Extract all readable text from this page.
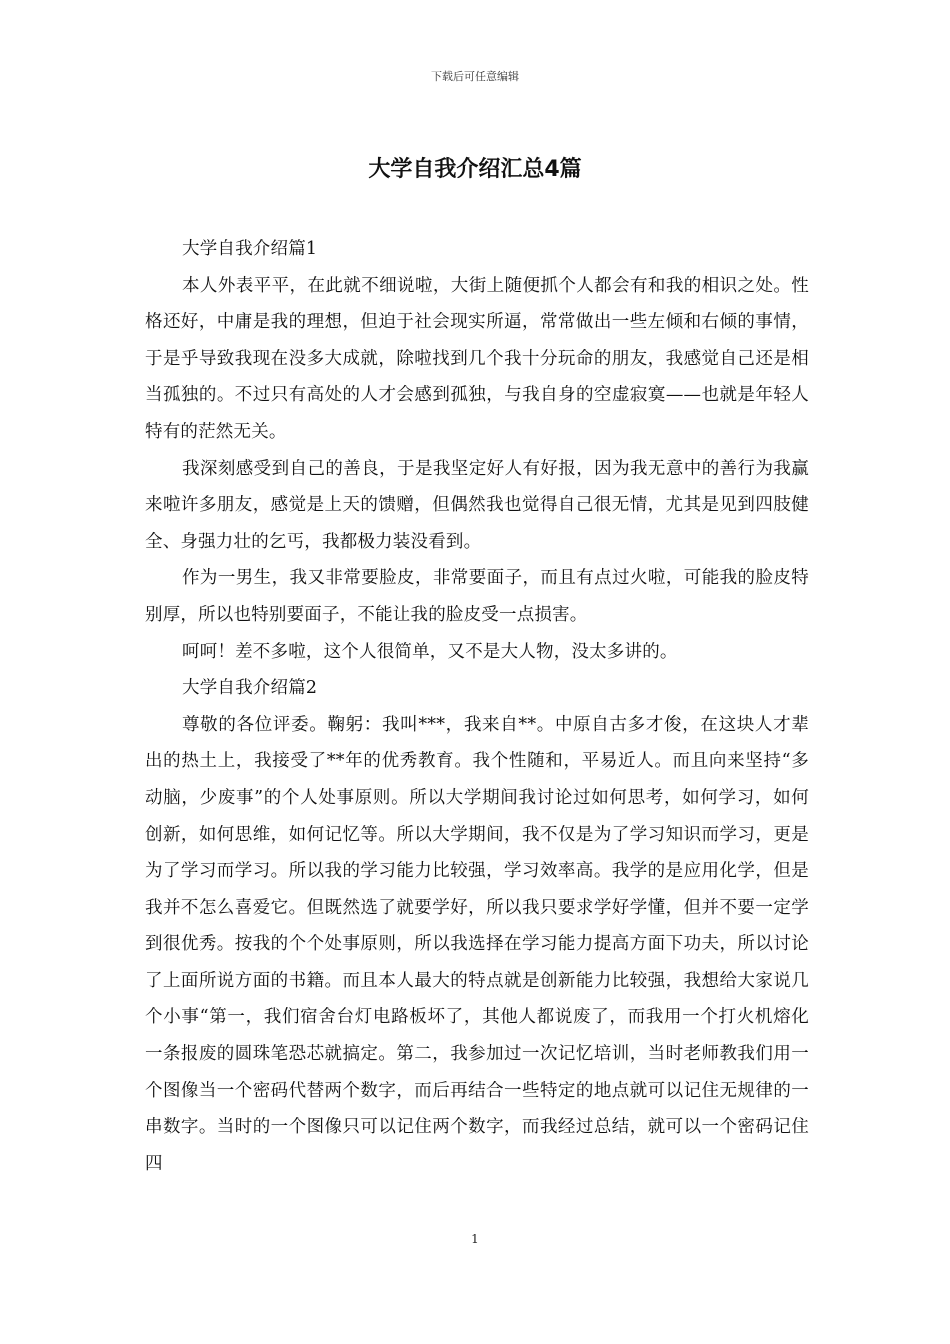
下载后可任意编辑
大学自我介绍汇总4篇

大学自我介绍篇1

本人外表平平，在此就不细说啦，大街上随便抓个人都会有和我的相识之处。性格还好，中庸是我的理想，但迫于社会现实所逼，常常做出一些左倾和右倾的事情，于是乎导致我现在没多大成就，除啦找到几个我十分玩命的朋友，我感觉自己还是相当孤独的。不过只有高处的人才会感到孤独，与我自身的空虚寂寞——也就是年轻人特有的茫然无关。

我深刻感受到自己的善良，于是我坚定好人有好报，因为我无意中的善行为我赢来啦许多朋友，感觉是上天的馈赠，但偶然我也觉得自己很无情，尤其是见到四肢健全、身强力壮的乞丐，我都极力装没看到。

作为一男生，我又非常要脸皮，非常要面子，而且有点过火啦，可能我的脸皮特别厚，所以也特别要面子，不能让我的脸皮受一点损害。

呵呵！差不多啦，这个人很简单，又不是大人物，没太多讲的。

大学自我介绍篇2

尊敬的各位评委。鞠躬：我叫***，我来自**。中原自古多才俊，在这块人才辈出的热土上，我接受了**年的优秀教育。我个性随和，平易近人。而且向来坚持“多动脑，少废事”的个人处事原则。所以大学期间我讨论过如何思考，如何学习，如何创新，如何思维，如何记忆等。所以大学期间，我不仅是为了学习知识而学习，更是为了学习而学习。所以我的学习能力比较强，学习效率高。我学的是应用化学，但是我并不怎么喜爱它。但既然选了就要学好，所以我只要求学好学懂，但并不要一定学到很优秀。按我的个个处事原则，所以我选择在学习能力提高方面下功夫，所以讨论了上面所说方面的书籍。而且本人最大的特点就是创新能力比较强，我想给大家说几个小事“第一，我们宿舍台灯电路板坏了，其他人都说废了，而我用一个打火机熔化一条报废的圆珠笔恐芯就搞定。第二，我参加过一次记忆培训，当时老师教我们用一个图像当一个密码代替两个数字，而后再结合一些特定的地点就可以记住无规律的一串数字。当时的一个图像只可以记住两个数字，而我经过总结，就可以一个密码记住四

1
